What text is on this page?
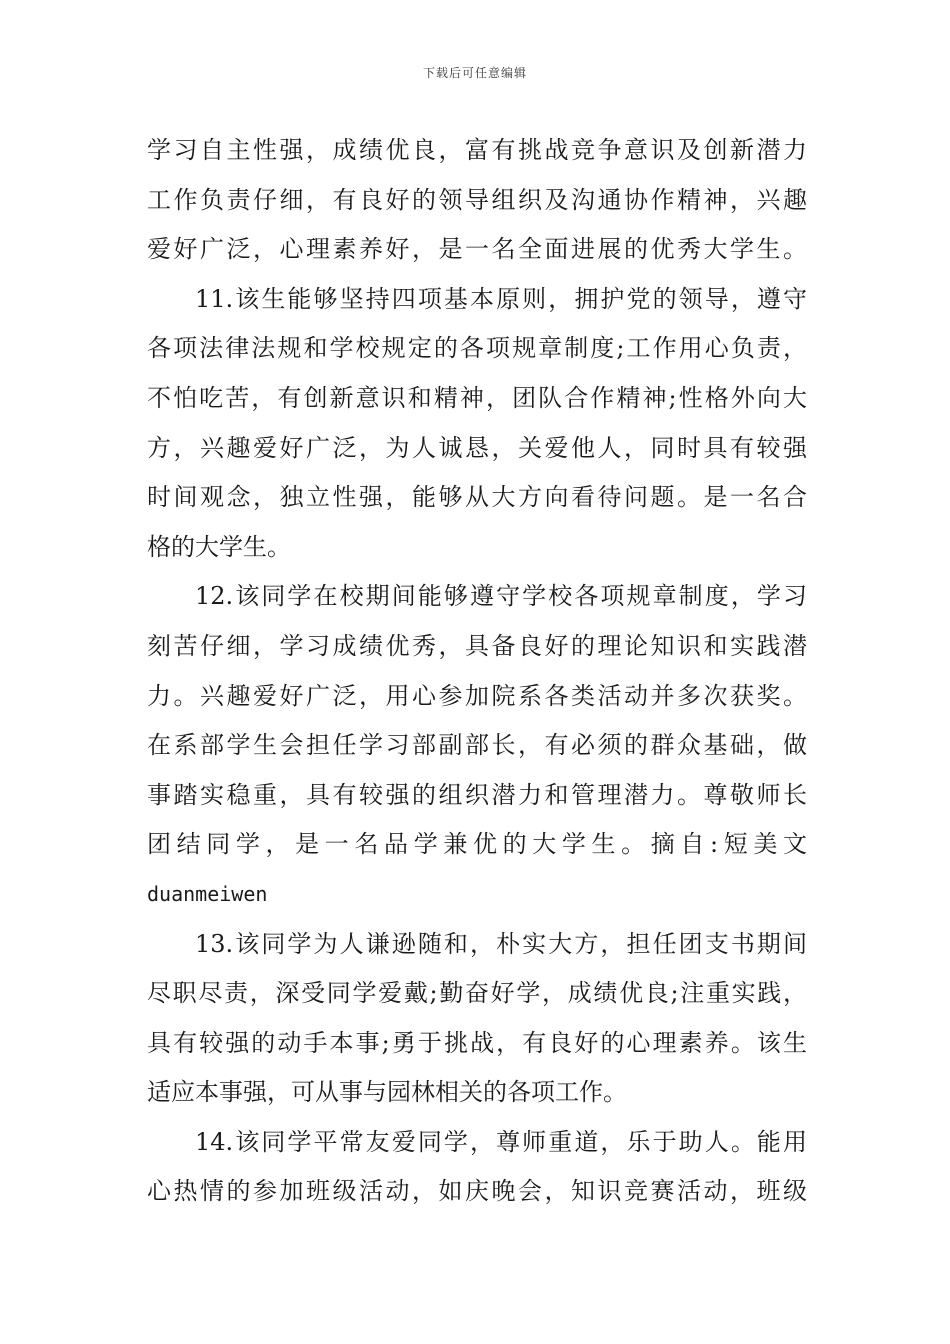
下载后可任意编辑
学习自主性强，成绩优良，富有挑战竞争意识及创新潜力
工作负责仔细，有良好的领导组织及沟通协作精神，兴趣
爱好广泛，心理素养好，是一名全面进展的优秀大学生。
11.该生能够坚持四项基本原则，拥护党的领导，遵守
各项法律法规和学校规定的各项规章制度;工作用心负责，
不怕吃苦，有创新意识和精神，团队合作精神;性格外向大
方，兴趣爱好广泛，为人诚恳，关爱他人，同时具有较强
时间观念，独立性强，能够从大方向看待问题。是一名合
格的大学生。
12.该同学在校期间能够遵守学校各项规章制度，学习
刻苦仔细，学习成绩优秀，具备良好的理论知识和实践潜
力。兴趣爱好广泛，用心参加院系各类活动并多次获奖。
在系部学生会担任学习部副部长，有必须的群众基础，做
事踏实稳重，具有较强的组织潜力和管理潜力。尊敬师长
团结同学，是一名品学兼优的大学生。摘自:短美文
duanmeiwen
13.该同学为人谦逊随和，朴实大方，担任团支书期间
尽职尽责，深受同学爱戴;勤奋好学，成绩优良;注重实践，
具有较强的动手本事;勇于挑战，有良好的心理素养。该生
适应本事强，可从事与园林相关的各项工作。
14.该同学平常友爱同学，尊师重道，乐于助人。能用
心热情的参加班级活动，如庆晚会，知识竞赛活动，班级
